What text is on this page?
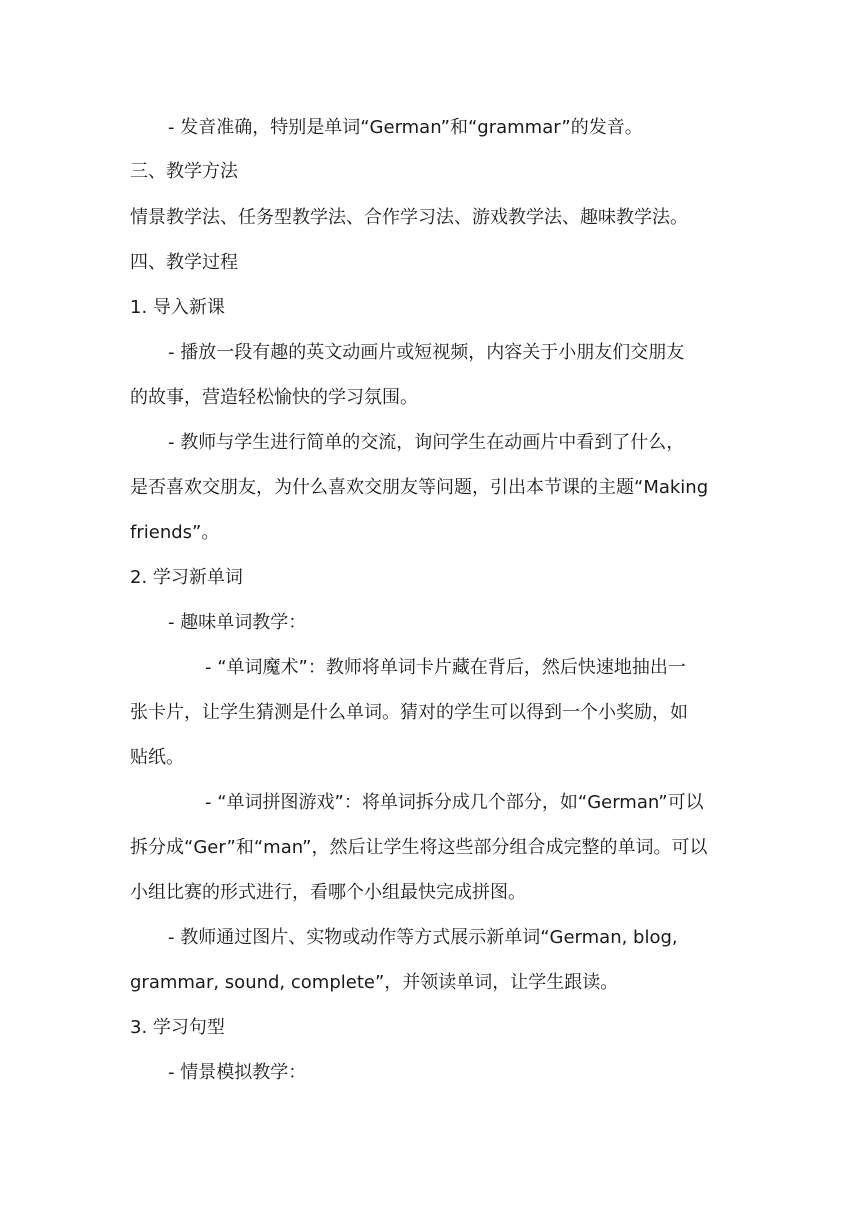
- 发音准确，特别是单词“German”和“grammar”的发音。
三、教学方法
情景教学法、任务型教学法、合作学习法、游戏教学法、趣味教学法。
四、教学过程
1. 导入新课
- 播放一段有趣的英文动画片或短视频，内容关于小朋友们交朋友
的故事，营造轻松愉快的学习氛围。
- 教师与学生进行简单的交流，询问学生在动画片中看到了什么，
是否喜欢交朋友，为什么喜欢交朋友等问题，引出本节课的主题“Making
friends”。
2. 学习新单词
- 趣味单词教学：
- “单词魔术”：教师将单词卡片藏在背后，然后快速地抽出一
张卡片，让学生猜测是什么单词。猜对的学生可以得到一个小奖励，如
贴纸。
- “单词拼图游戏”：将单词拆分成几个部分，如“German”可以
拆分成“Ger”和“man”，然后让学生将这些部分组合成完整的单词。可以
小组比赛的形式进行，看哪个小组最快完成拼图。
- 教师通过图片、实物或动作等方式展示新单词“German, blog,
grammar, sound, complete”，并领读单词，让学生跟读。
3. 学习句型
- 情景模拟教学：
